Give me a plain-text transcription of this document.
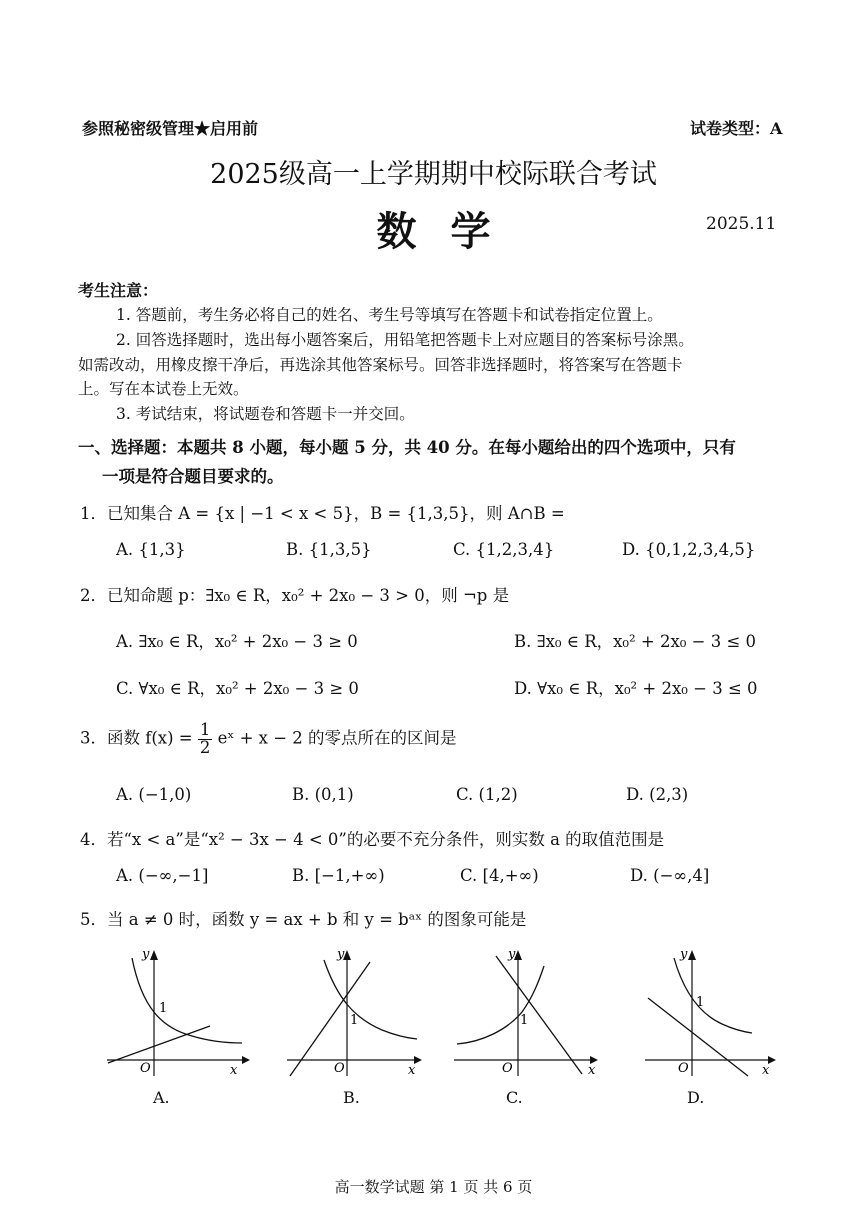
参照秘密级管理★启用前	试卷类型：A
2025级高一上学期期中校际联合考试
数学	2025.11
考生注意：
1. 答题前，考生务必将自己的姓名、考生号等填写在答题卡和试卷指定位置上。
2. 回答选择题时，选出每小题答案后，用铅笔把答题卡上对应题目的答案标号涂黑。
如需改动，用橡皮擦干净后，再选涂其他答案标号。回答非选择题时，将答案写在答题卡
上。写在本试卷上无效。
3. 考试结束，将试题卷和答题卡一并交回。
一、选择题：本题共 8 小题，每小题 5 分，共 40 分。在每小题给出的四个选项中，只有
一项是符合题目要求的。
1．已知集合 A = {x | −1 < x < 5}，B = {1,3,5}，则 A∩B =
A. {1,3}	B. {1,3,5}	C. {1,2,3,4}	D. {0,1,2,3,4,5}
2．已知命题 p：∃x₀ ∈ R，x₀² + 2x₀ − 3 > 0，则 ¬p 是
A. ∃x₀ ∈ R，x₀² + 2x₀ − 3 ≥ 0	B. ∃x₀ ∈ R，x₀² + 2x₀ − 3 ≤ 0
C. ∀x₀ ∈ R，x₀² + 2x₀ − 3 ≥ 0	D. ∀x₀ ∈ R，x₀² + 2x₀ − 3 ≤ 0
3．函数 $f(x) = \frac{1}{2}$ eˣ + x − 2 的零点所在的区间是
A. (−1,0)	B. (0,1)	C. (1,2)	D. (2,3)
4．若“x < a”是“x² − 3x − 4 < 0”的必要不充分条件，则实数 a 的取值范围是
A. (−∞,−1]	B. [−1,+∞)	C. [4,+∞)	D. (−∞,4]
5．当 a ≠ 0 时，函数 y = ax + b 和 y = bᵃˣ 的图象可能是
y
x
O
1
y
x
O
1
y
x
O
1
y
x
O
1
A.	B.	C.	D.
高一数学试题 第 1 页 共 6 页
